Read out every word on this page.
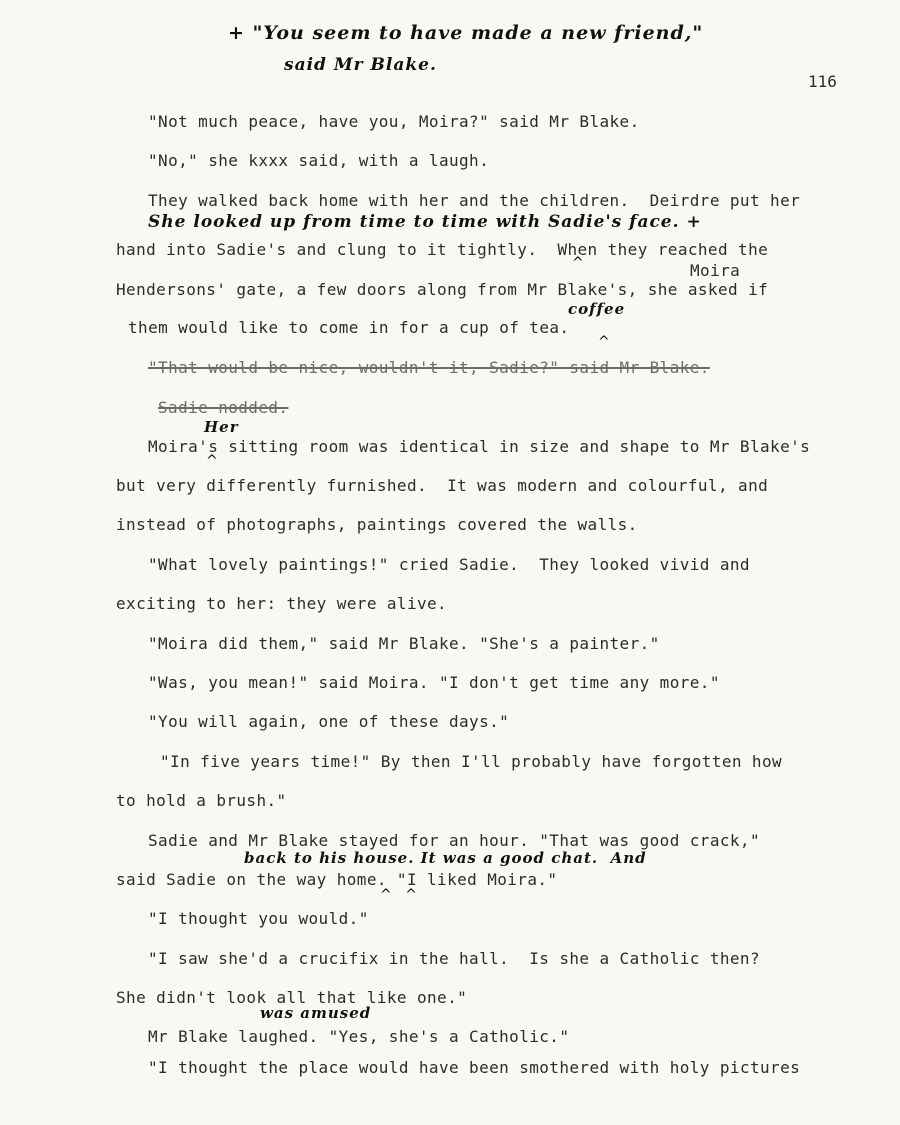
+ "You seem to have made a new friend,"
said Mr Blake.
116
"Not much peace, have you, Moira?" said Mr Blake.
"No," she kxxx said, with a laugh.
They walked back home with her and the children.  Deirdre put her
She looked up from time to time with Sadie's face. +
hand into Sadie's and clung to it tightly.  When they reached the
^	Moira
Hendersons' gate, a few doors along from Mr Blake's, she asked if
coffee
them would like to come in for a cup of tea.
^
"That would be nice, wouldn't it, Sadie?" said Mr Blake.
Sadie nodded.
Her
Moira's sitting room was identical in size and shape to Mr Blake's
^
but very differently furnished.  It was modern and colourful, and
instead of photographs, paintings covered the walls.
"What lovely paintings!" cried Sadie.  They looked vivid and
exciting to her: they were alive.
"Moira did them," said Mr Blake. "She's a painter."
"Was, you mean!" said Moira. "I don't get time any more."
"You will again, one of these days."
"In five years time!" By then I'll probably have forgotten how
to hold a brush."
Sadie and Mr Blake stayed for an hour. "That was good crack,"
back to his house. It was a good chat.  And
said Sadie on the way home. "I liked Moira."
^   ^
"I thought you would."
"I saw she'd a crucifix in the hall.  Is she a Catholic then?
She didn't look all that like one."
was amused
Mr Blake laughed. "Yes, she's a Catholic."
"I thought the place would have been smothered with holy pictures
